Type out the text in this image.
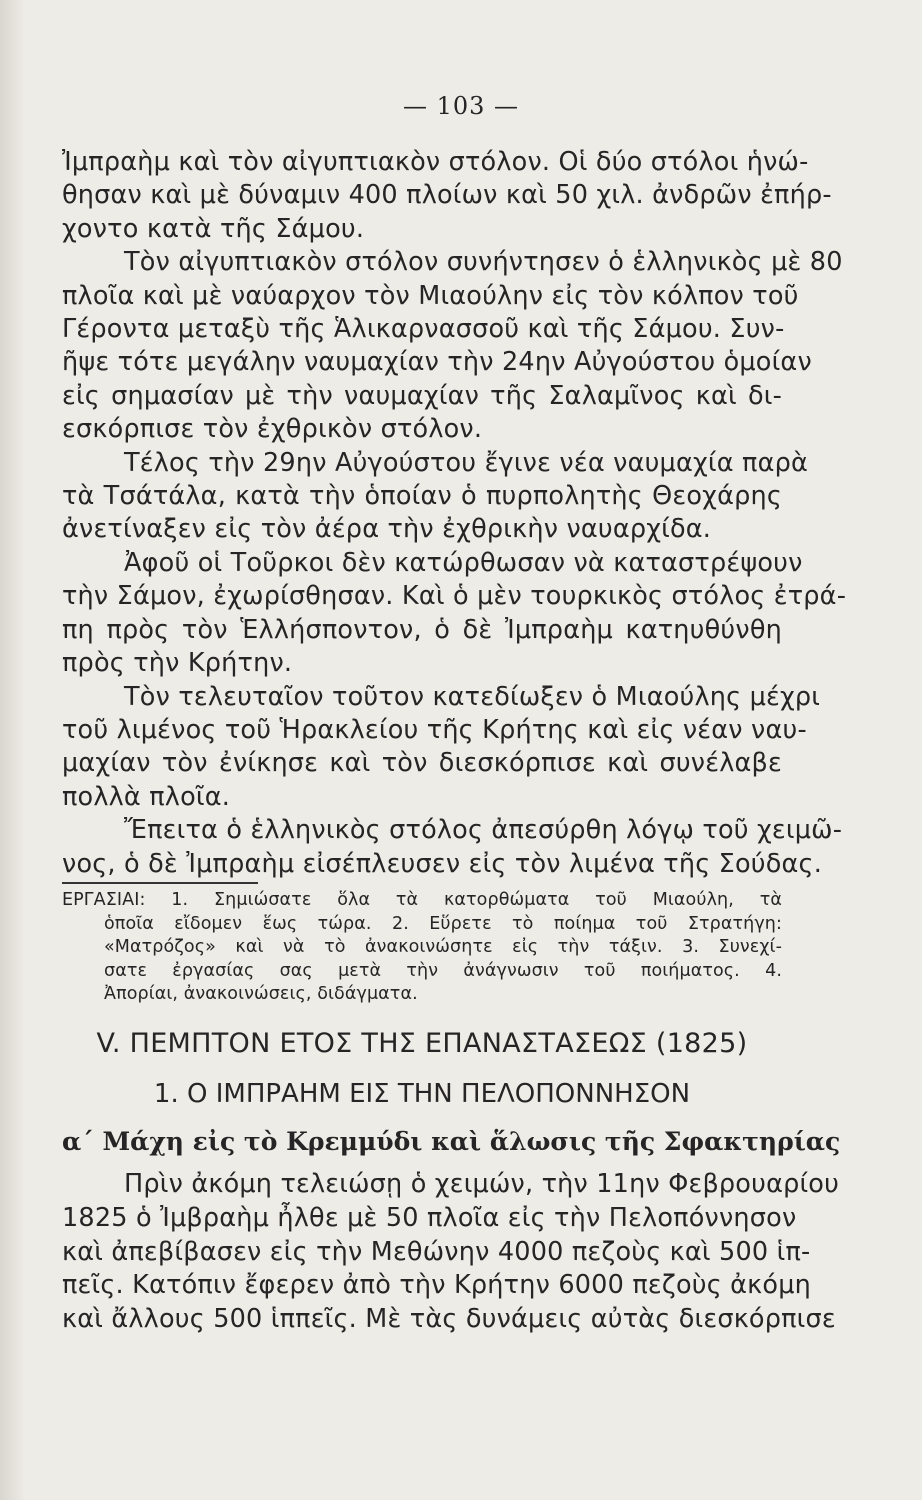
— 103 —
Ἰμπραὴμ καὶ τὸν αἰγυπτιακὸν στόλον. Οἱ δύο στόλοι ἡνώ-
θησαν καὶ μὲ δύναμιν 400 πλοίων καὶ 50 χιλ. ἀνδρῶν ἐπήρ-
χοντο κατὰ τῆς Σάμου.
Τὸν αἰγυπτιακὸν στόλον συνήντησεν ὁ ἑλληνικὸς μὲ 80
πλοῖα καὶ μὲ ναύαρχον τὸν Μιαούλην εἰς τὸν κόλπον τοῦ
Γέροντα μεταξὺ τῆς Ἁλικαρνασσοῦ καὶ τῆς Σάμου. Συν-
ῆψε τότε μεγάλην ναυμαχίαν τὴν 24ην Αὐγούστου ὁμοίαν
εἰς σημασίαν μὲ τὴν ναυμαχίαν τῆς Σαλαμῖνος καὶ δι-
εσκόρπισε τὸν ἐχθρικὸν στόλον.
Τέλος τὴν 29ην Αὐγούστου ἔγινε νέα ναυμαχία παρὰ
τὰ Τσάτάλα, κατὰ τὴν ὁποίαν ὁ πυρπολητὴς Θεοχάρης
ἀνετίναξεν εἰς τὸν ἀέρα τὴν ἐχθρικὴν ναυαρχίδα.
Ἀφοῦ οἱ Τοῦρκοι δὲν κατώρθωσαν νὰ καταστρέψουν
τὴν Σάμον, ἐχωρίσθησαν. Καὶ ὁ μὲν τουρκικὸς στόλος ἐτρά-
πη πρὸς τὸν Ἑλλήσποντον, ὁ δὲ Ἰμπραὴμ κατηυθύνθη
πρὸς τὴν Κρήτην.
Τὸν τελευταῖον τοῦτον κατεδίωξεν ὁ Μιαούλης μέχρι
τοῦ λιμένος τοῦ Ἡρακλείου τῆς Κρήτης καὶ εἰς νέαν ναυ-
μαχίαν τὸν ἐνίκησε καὶ τὸν διεσκόρπισε καὶ συνέλαβε
πολλὰ πλοῖα.
Ἔπειτα ὁ ἑλληνικὸς στόλος ἀπεσύρθη λόγῳ τοῦ χειμῶ-
νος, ὁ δὲ Ἰμπραὴμ εἰσέπλευσεν εἰς τὸν λιμένα τῆς Σούδας.
ΕΡΓΑΣΙΑΙ: 1. Σημιώσατε ὅλα τὰ κατορθώματα τοῦ Μιαούλη, τὰ
ὁποῖα εἴδομεν ἕως τώρα. 2. Εὕρετε τὸ ποίημα τοῦ Στρατήγη:
«Ματρόζος» καὶ νὰ τὸ ἀνακοινώσητε εἰς τὴν τάξιν. 3. Συνεχί-
σατε ἐργασίας σας μετὰ τὴν ἀνάγνωσιν τοῦ ποιήματος. 4.
Ἀπορίαι, ἀνακοινώσεις, διδάγματα.
V. ΠΕΜΠΤΟΝ ΕΤΟΣ ΤΗΣ ΕΠΑΝΑΣΤΑΣΕΩΣ (1825)
1. Ο ΙΜΠΡΑΗΜ ΕΙΣ ΤΗΝ ΠΕΛΟΠΟΝΝΗΣΟΝ
α΄ Μάχη εἰς τὸ Κρεμμύδι καὶ ἅλωσις τῆς Σφακτηρίας
Πρὶν ἀκόμη τελειώσῃ ὁ χειμών, τὴν 11ην Φεβρουαρίου
1825 ὁ Ἰμβραὴμ ἦλθε μὲ 50 πλοῖα εἰς τὴν Πελοπόννησον
καὶ ἀπεβίβασεν εἰς τὴν Μεθώνην 4000 πεζοὺς καὶ 500 ἱπ-
πεῖς. Κατόπιν ἔφερεν ἀπὸ τὴν Κρήτην 6000 πεζοὺς ἀκόμη
καὶ ἄλλους 500 ἱππεῖς. Μὲ τὰς δυνάμεις αὐτὰς διεσκόρπισε
